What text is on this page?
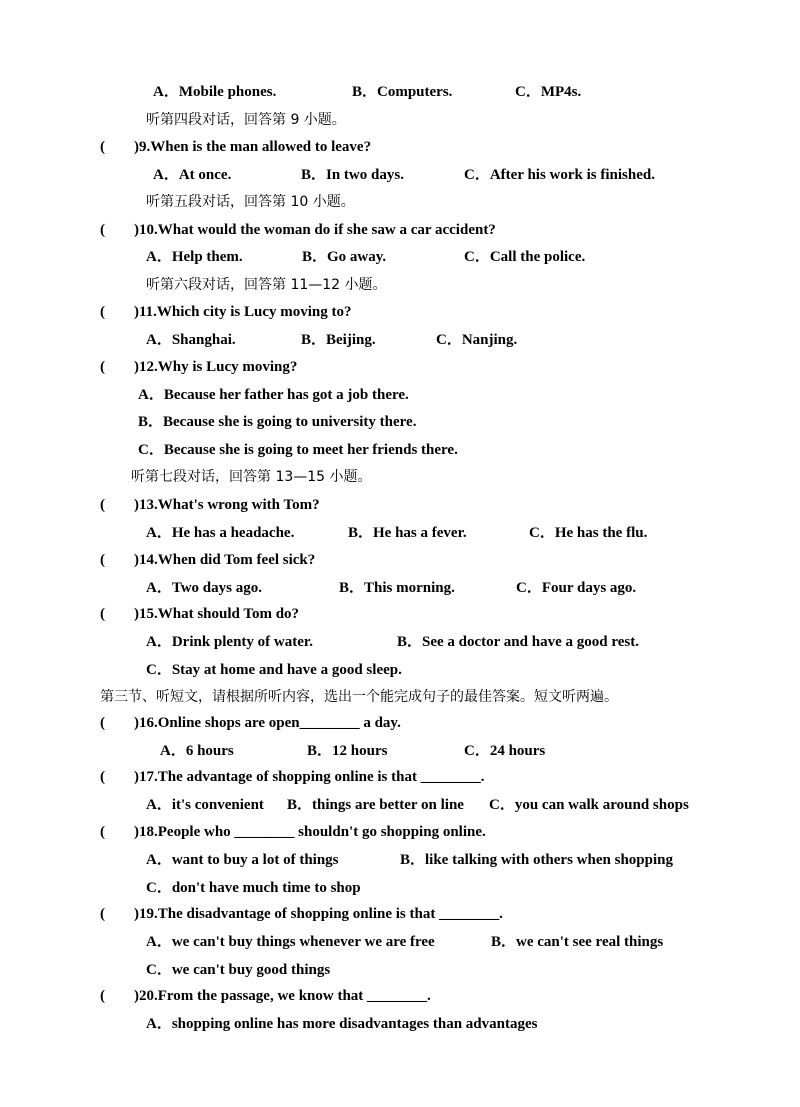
A．Mobile phones.	B．Computers.	C．MP4s.
听第四段对话，回答第 9 小题。
( )9.When is the man allowed to leave?
A．At once.	B．In two days.	C．After his work is finished.
听第五段对话，回答第 10 小题。
( )10.What would the woman do if she saw a car accident?
A．Help them.	B．Go away.	C．Call the police.
听第六段对话，回答第 11—12 小题。
( )11.Which city is Lucy moving to?
A．Shanghai.	B．Beijing.	C．Nanjing.
( )12.Why is Lucy moving?
A．Because her father has got a job there.
B．Because she is going to university there.
C．Because she is going to meet her friends there.
听第七段对话，回答第 13—15 小题。
( )13.What's wrong with Tom?
A．He has a headache.	B．He has a fever.	C．He has the flu.
( )14.When did Tom feel sick?
A．Two days ago.	B．This morning.	C．Four days ago.
( )15.What should Tom do?
A．Drink plenty of water.	B．See a doctor and have a good rest.
C．Stay at home and have a good sleep.
第三节、听短文，请根据所听内容，选出一个能完成句子的最佳答案。短文听两遍。
( )16.Online shops are open________ a day.
A．6 hours	B．12 hours	C．24 hours
( )17.The advantage of shopping online is that ________.
A．it's convenient B．things are better on line C．you can walk around shops
( )18.People who ________ shouldn't go shopping online.
A．want to buy a lot of things	B．like talking with others when shopping
C．don't have much time to shop
( )19.The disadvantage of shopping online is that ________.
A．we can't buy things whenever we are free	B．we can't see real things
C．we can't buy good things
( )20.From the passage, we know that ________.
A．shopping online has more disadvantages than advantages
